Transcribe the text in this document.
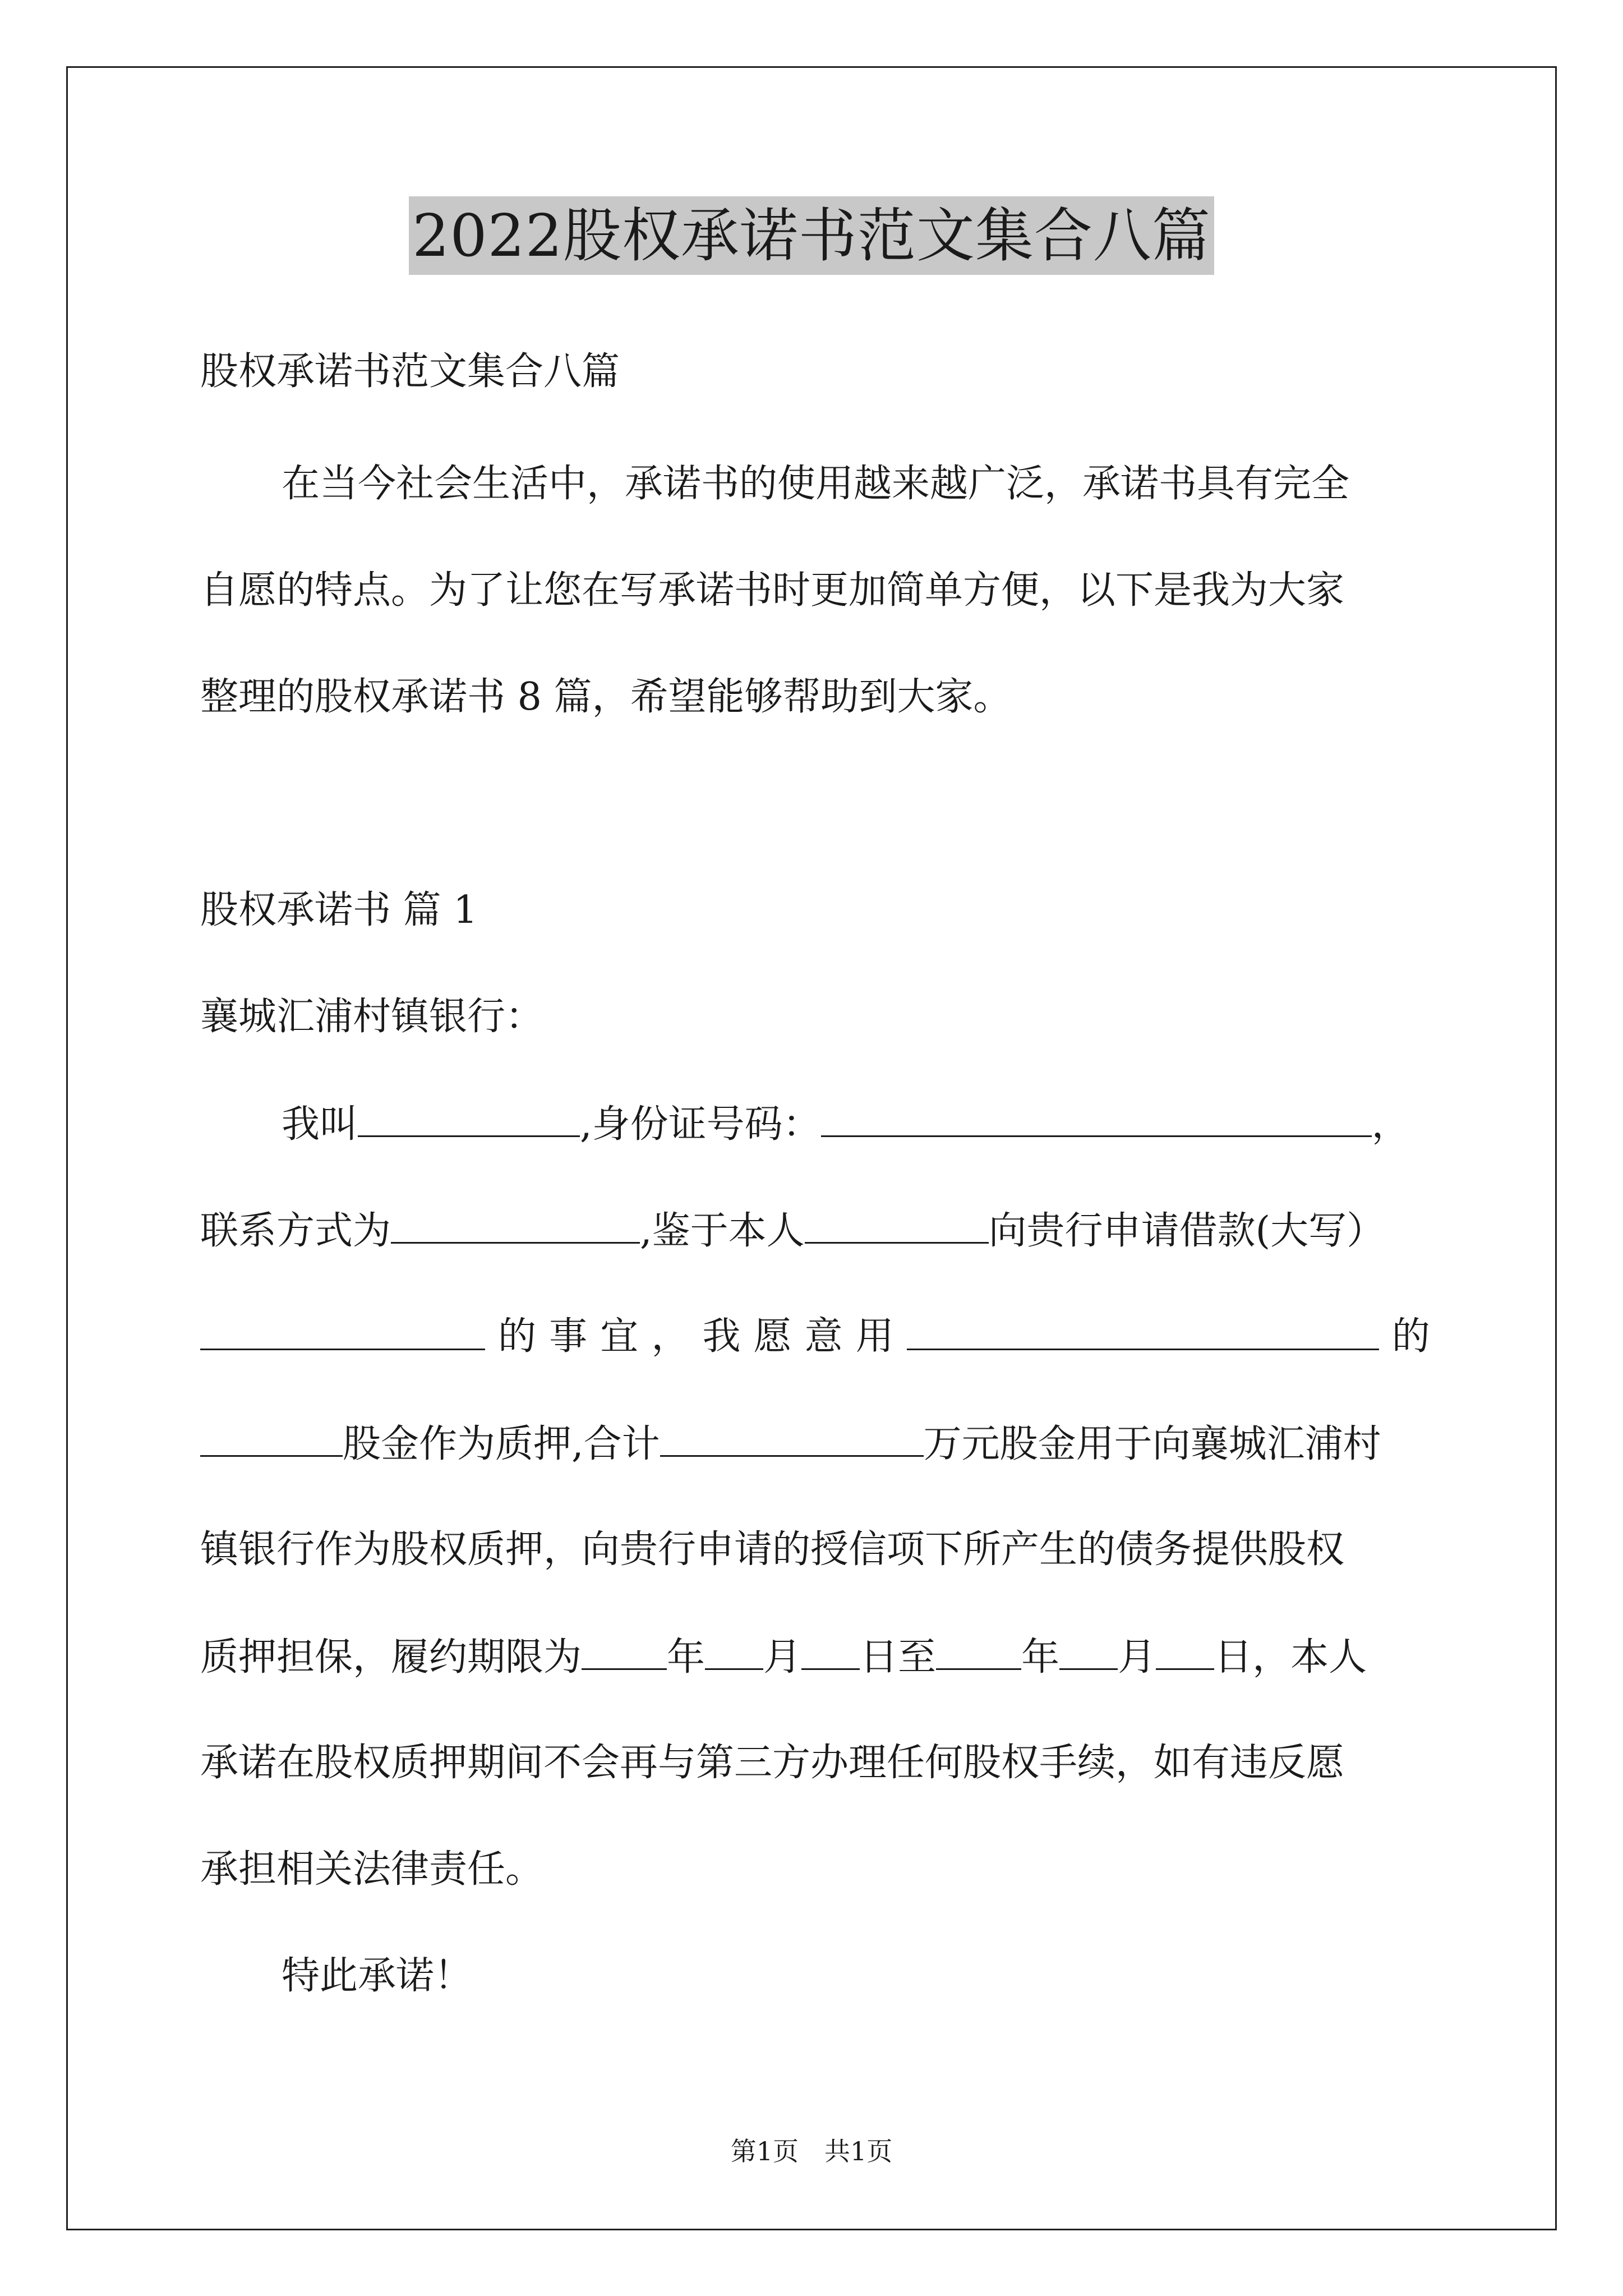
2022股权承诺书范文集合八篇
股权承诺书范文集合八篇
在当今社会生活中，承诺书的使用越来越广泛，承诺书具有完全
自愿的特点。为了让您在写承诺书时更加简单方便，以下是我为大家
整理的股权承诺书 8 篇，希望能够帮助到大家。
股权承诺书 篇 1
襄城汇浦村镇银行：
我叫	,身份证号码：	，
联系方式为	,鉴于本人	向贵行申请借款(大写）
的 事 宜 ， 我 愿 意 用	的
股金作为质押,合计	万元股金用于向襄城汇浦村
镇银行作为股权质押，向贵行申请的授信项下所产生的债务提供股权
质押担保，履约期限为 年 月 日至 年 月 日，本人
承诺在股权质押期间不会再与第三方办理任何股权手续，如有违反愿
承担相关法律责任。
特此承诺！
第1页 共1页
